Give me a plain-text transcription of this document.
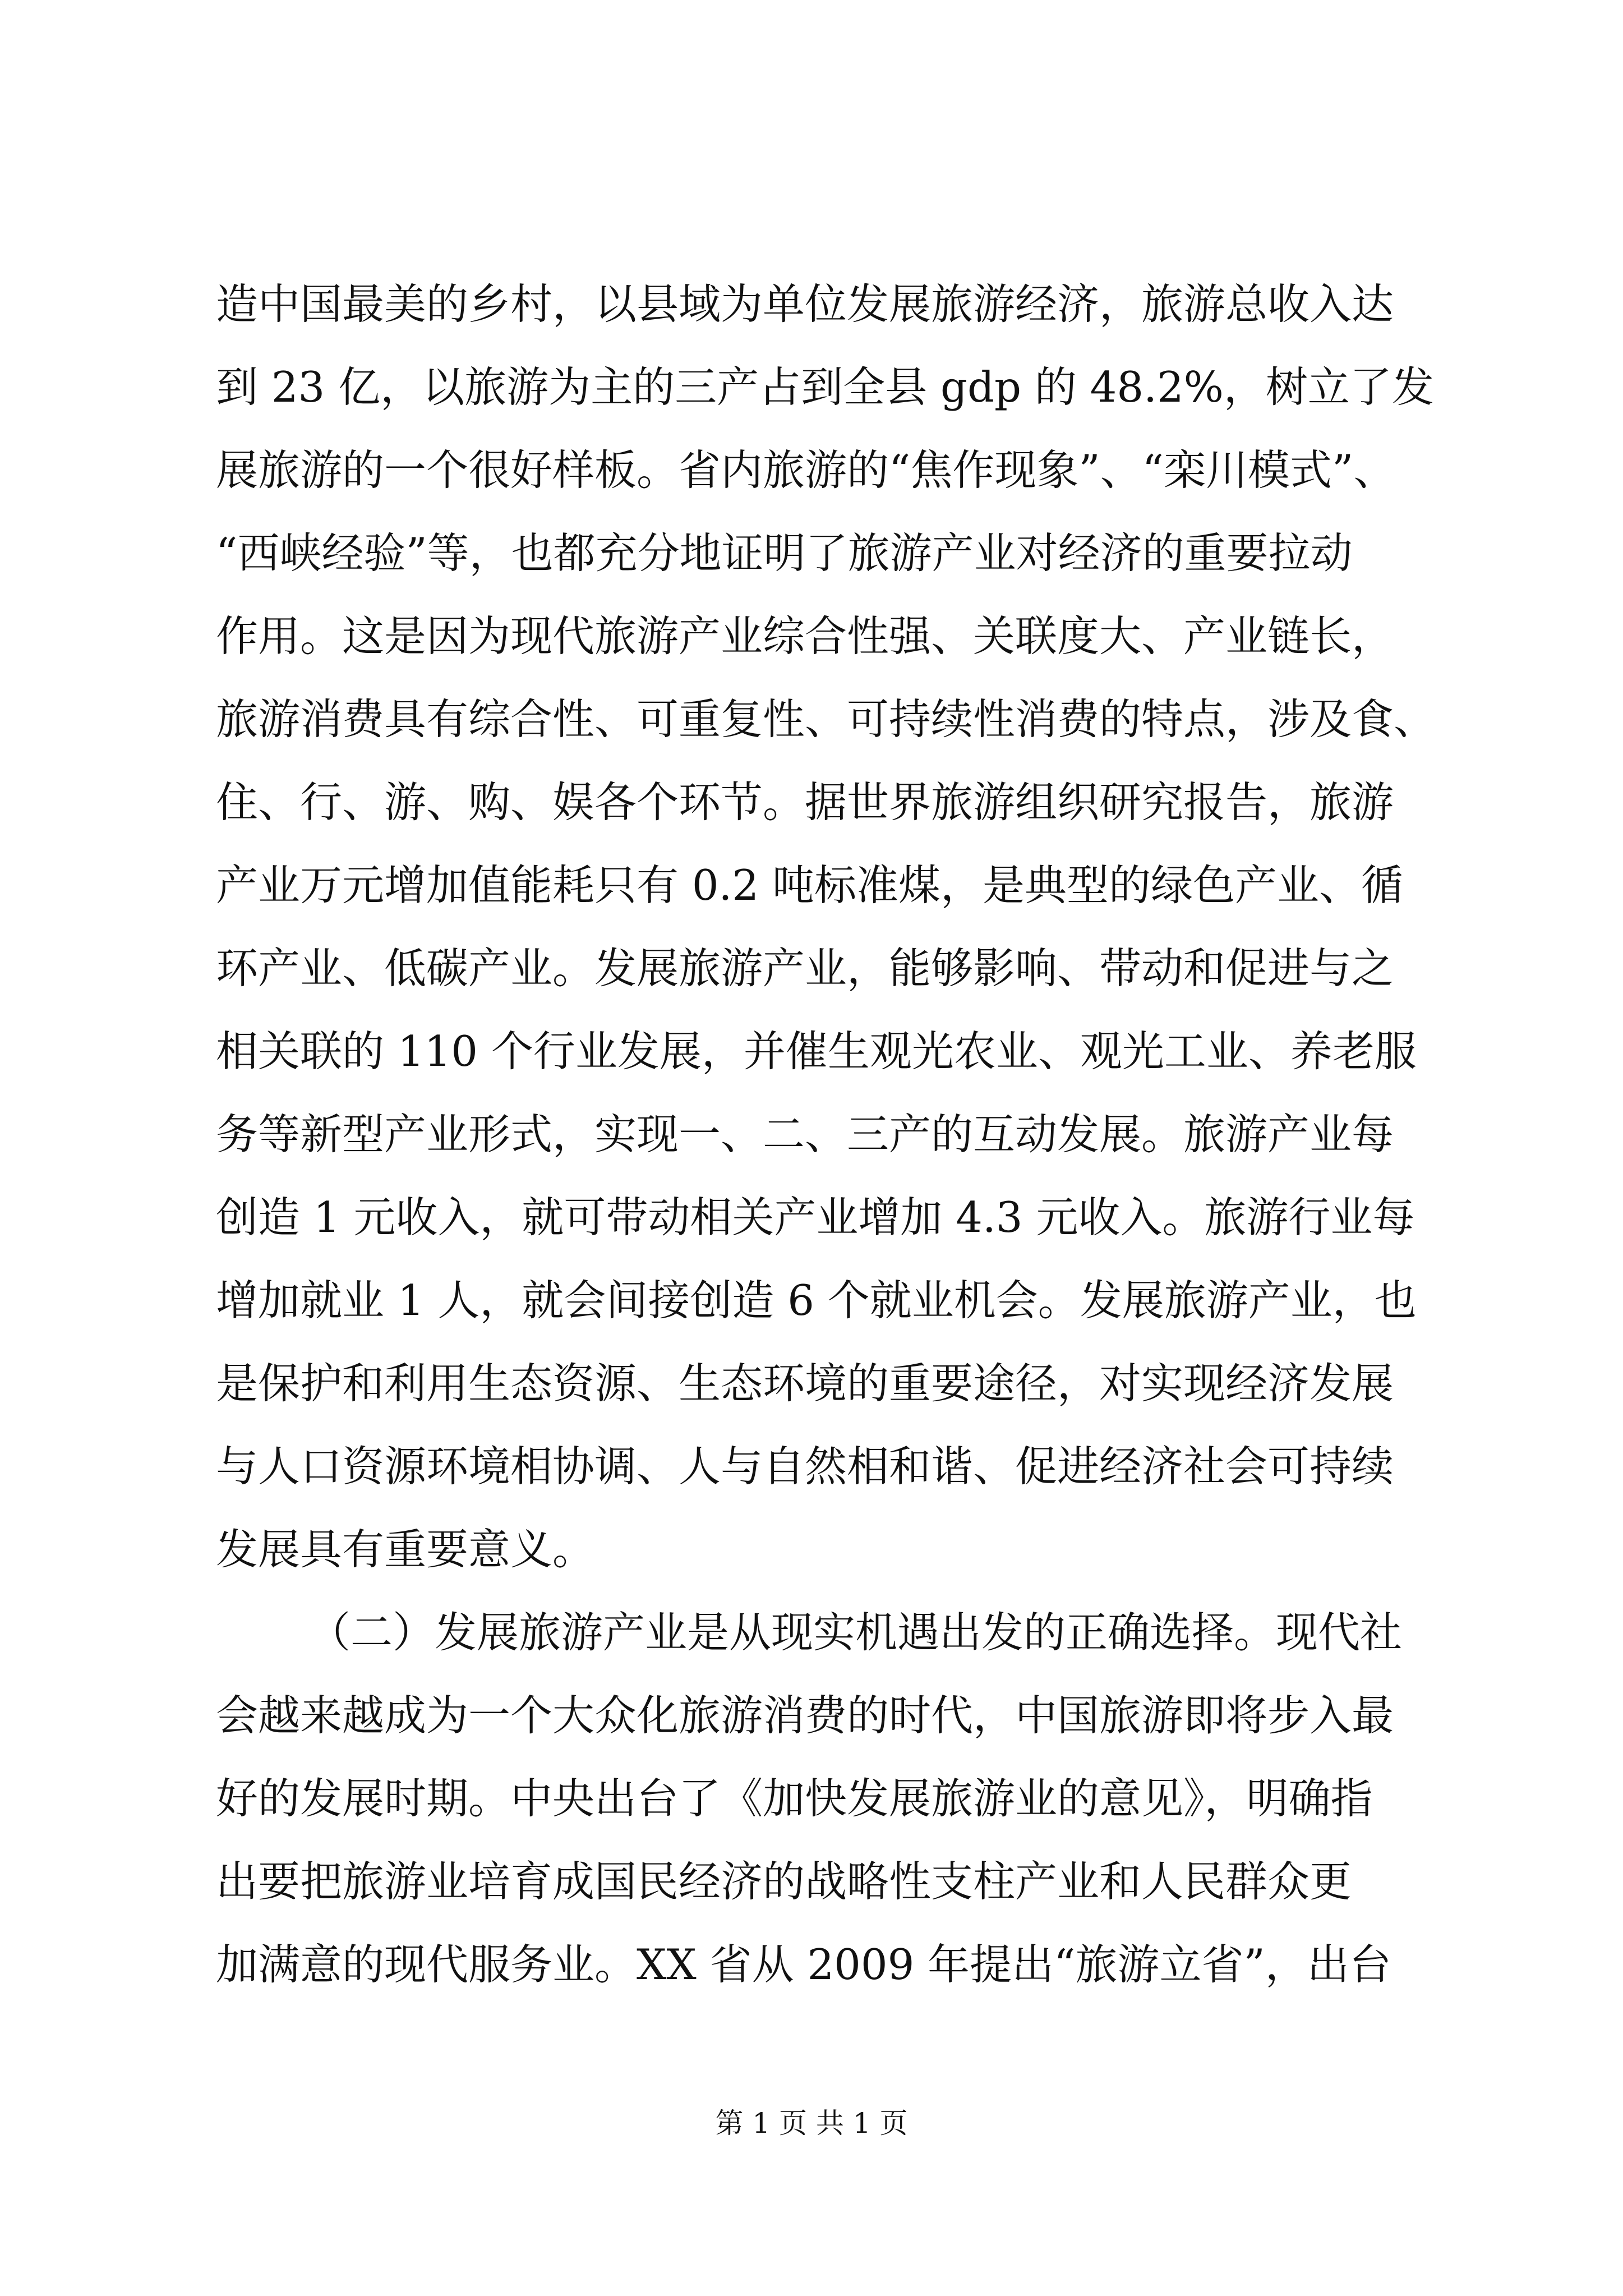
造中国最美的乡村，以县域为单位发展旅游经济，旅游总收入达
到 23 亿，以旅游为主的三产占到全县 gdp 的 48.2%，树立了发
展旅游的一个很好样板。省内旅游的“焦作现象”、“栾川模式”、
“西峡经验”等，也都充分地证明了旅游产业对经济的重要拉动
作用。这是因为现代旅游产业综合性强、关联度大、产业链长，
旅游消费具有综合性、可重复性、可持续性消费的特点，涉及食、
住、行、游、购、娱各个环节。据世界旅游组织研究报告，旅游
产业万元增加值能耗只有 0.2 吨标准煤，是典型的绿色产业、循
环产业、低碳产业。发展旅游产业，能够影响、带动和促进与之
相关联的 110 个行业发展，并催生观光农业、观光工业、养老服
务等新型产业形式，实现一、二、三产的互动发展。旅游产业每
创造 1 元收入，就可带动相关产业增加 4.3 元收入。旅游行业每
增加就业 1 人，就会间接创造 6 个就业机会。发展旅游产业，也
是保护和利用生态资源、生态环境的重要途径，对实现经济发展
与人口资源环境相协调、人与自然相和谐、促进经济社会可持续
发展具有重要意义。
（二）发展旅游产业是从现实机遇出发的正确选择。现代社
会越来越成为一个大众化旅游消费的时代，中国旅游即将步入最
好的发展时期。中央出台了《加快发展旅游业的意见》，明确指
出要把旅游业培育成国民经济的战略性支柱产业和人民群众更
加满意的现代服务业。XX 省从 2009 年提出“旅游立省”，出台
第 1 页 共 1 页
